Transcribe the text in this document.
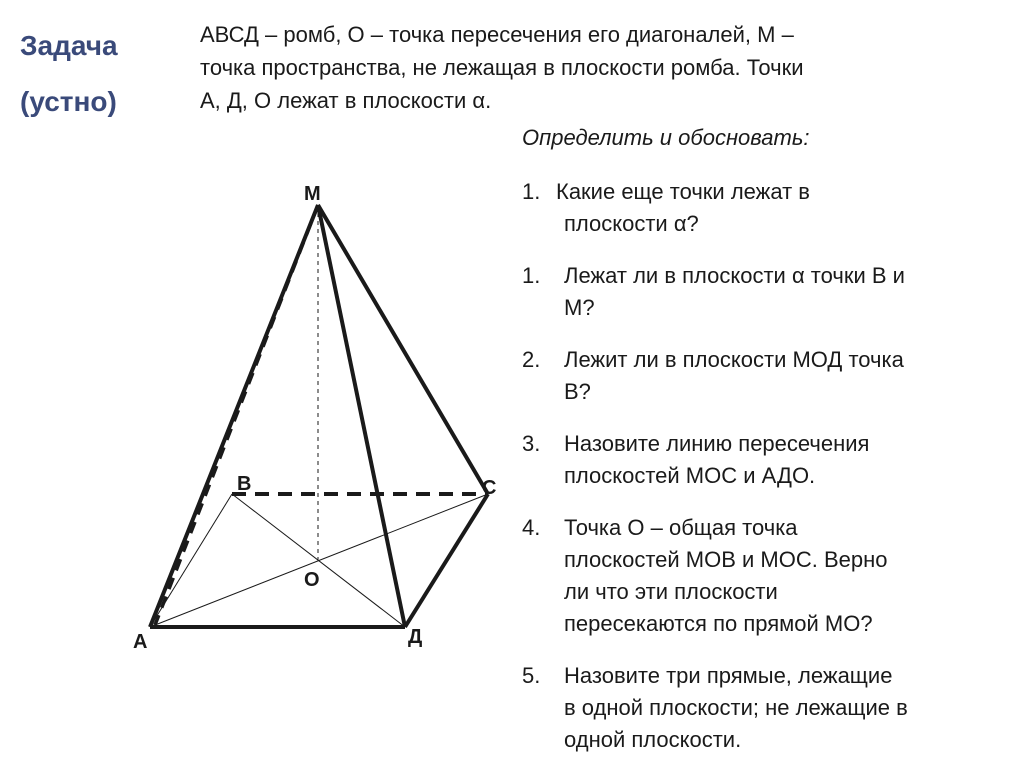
Задача
(устно)
АВСД – ромб, О – точка пересечения его диагоналей, М –
точка пространства, не лежащая в плоскости ромба. Точки
А, Д, О лежат в плоскости α.
Определить и обосновать:
1. Какие еще точки лежат в
плоскости α?
1. Лежат ли в плоскости α точки В и
М?
2. Лежит ли в плоскости МОД точка
В?
3. Назовите линию пересечения
плоскостей МОС и АДО.
4. Точка О – общая точка
плоскостей МОВ и МОС. Верно
ли что эти плоскости
пересекаются по прямой МО?
5. Назовите три прямые, лежащие
в одной плоскости; не лежащие в
одной плоскости.
М
А
В	С
Д
О
